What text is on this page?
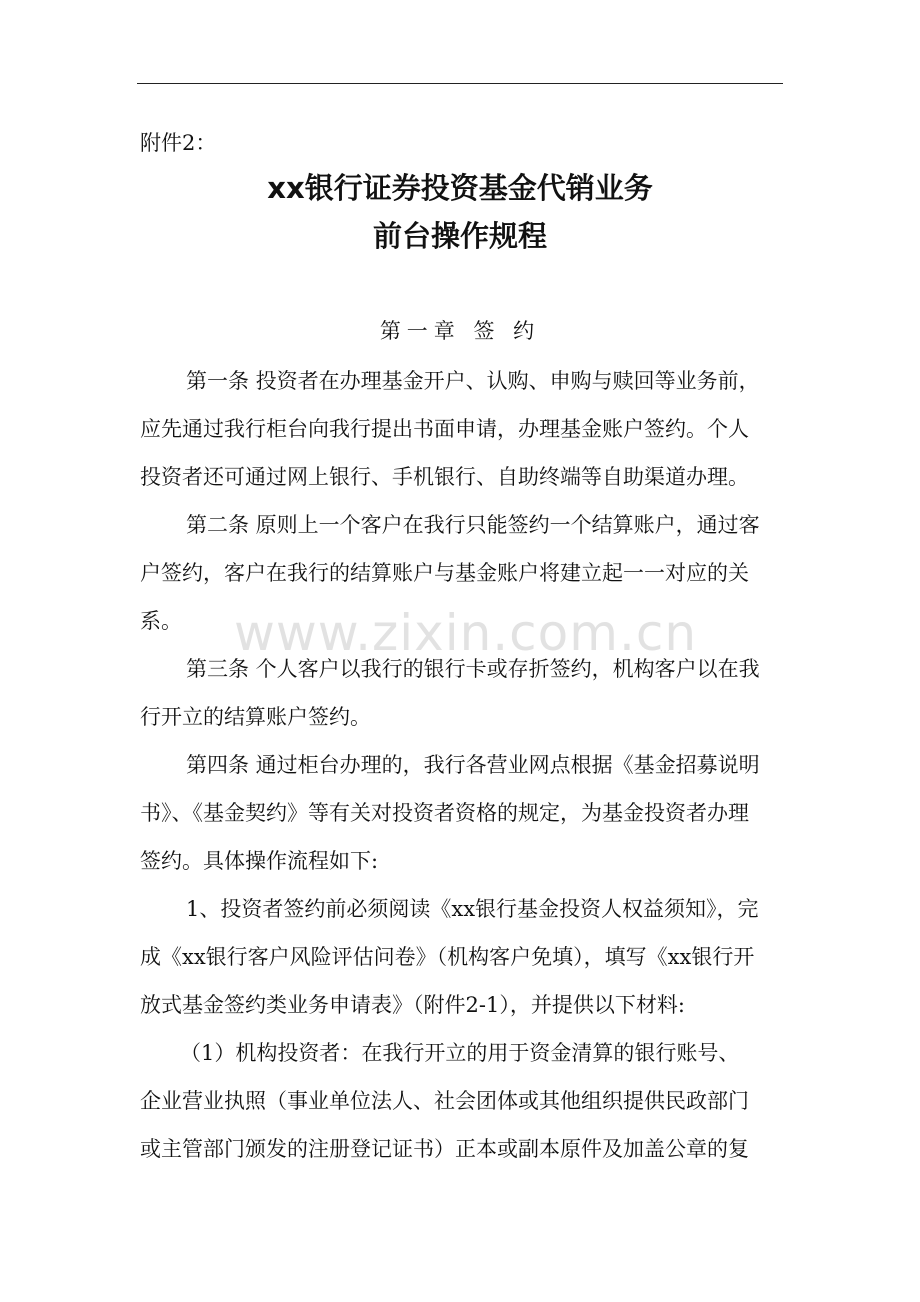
附件2：
xx银行证券投资基金代销业务
前台操作规程
第一章 签 约
www.zixin.com.cn
第一条 投资者在办理基金开户、认购、申购与赎回等业务前，
应先通过我行柜台向我行提出书面申请，办理基金账户签约。个人
投资者还可通过网上银行、手机银行、自助终端等自助渠道办理。
第二条 原则上一个客户在我行只能签约一个结算账户，通过客
户签约，客户在我行的结算账户与基金账户将建立起一一对应的关
系。
第三条 个人客户以我行的银行卡或存折签约，机构客户以在我
行开立的结算账户签约。
第四条 通过柜台办理的，我行各营业网点根据《基金招募说明
书》、《基金契约》等有关对投资者资格的规定，为基金投资者办理
签约。具体操作流程如下:
1、投资者签约前必须阅读《xx银行基金投资人权益须知》，完
成《xx银行客户风险评估问卷》（机构客户免填），填写《xx银行开
放式基金签约类业务申请表》（附件2-1），并提供以下材料:
（1）机构投资者：在我行开立的用于资金清算的银行账号、
企业营业执照（事业单位法人、社会团体或其他组织提供民政部门
或主管部门颁发的注册登记证书）正本或副本原件及加盖公章的复
